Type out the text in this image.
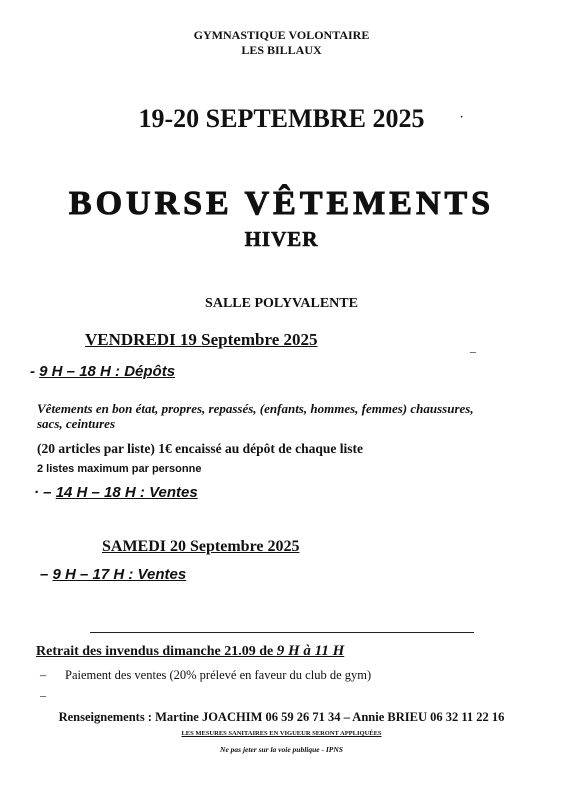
GYMNASTIQUE VOLONTAIRE
LES BILLAUX
19-20 SEPTEMBRE 2025	·
BOURSE VÊTEMENTS
HIVER
SALLE POLYVALENTE
VENDREDI 19 Septembre 2025	_
- 9 H – 18 H : Dépôts
Vêtements en bon état, propres, repassés, (enfants, hommes, femmes) chaussures,
sacs, ceintures
(20 articles par liste) 1€ encaissé au dépôt de chaque liste
2 listes maximum par personne
· – 14 H – 18 H : Ventes
SAMEDI 20 Septembre 2025
– 9 H – 17 H : Ventes
Retrait des invendus dimanche 21.09 de 9 H à 11 H
– Paiement des ventes (20% prélevé en faveur du club de gym)
–
Renseignements : Martine JOACHIM 06 59 26 71 34 – Annie BRIEU 06 32 11 22 16
LES MESURES SANITAIRES EN VIGUEUR SERONT APPLIQUÉES
Ne pas jeter sur la voie publique - IPNS
